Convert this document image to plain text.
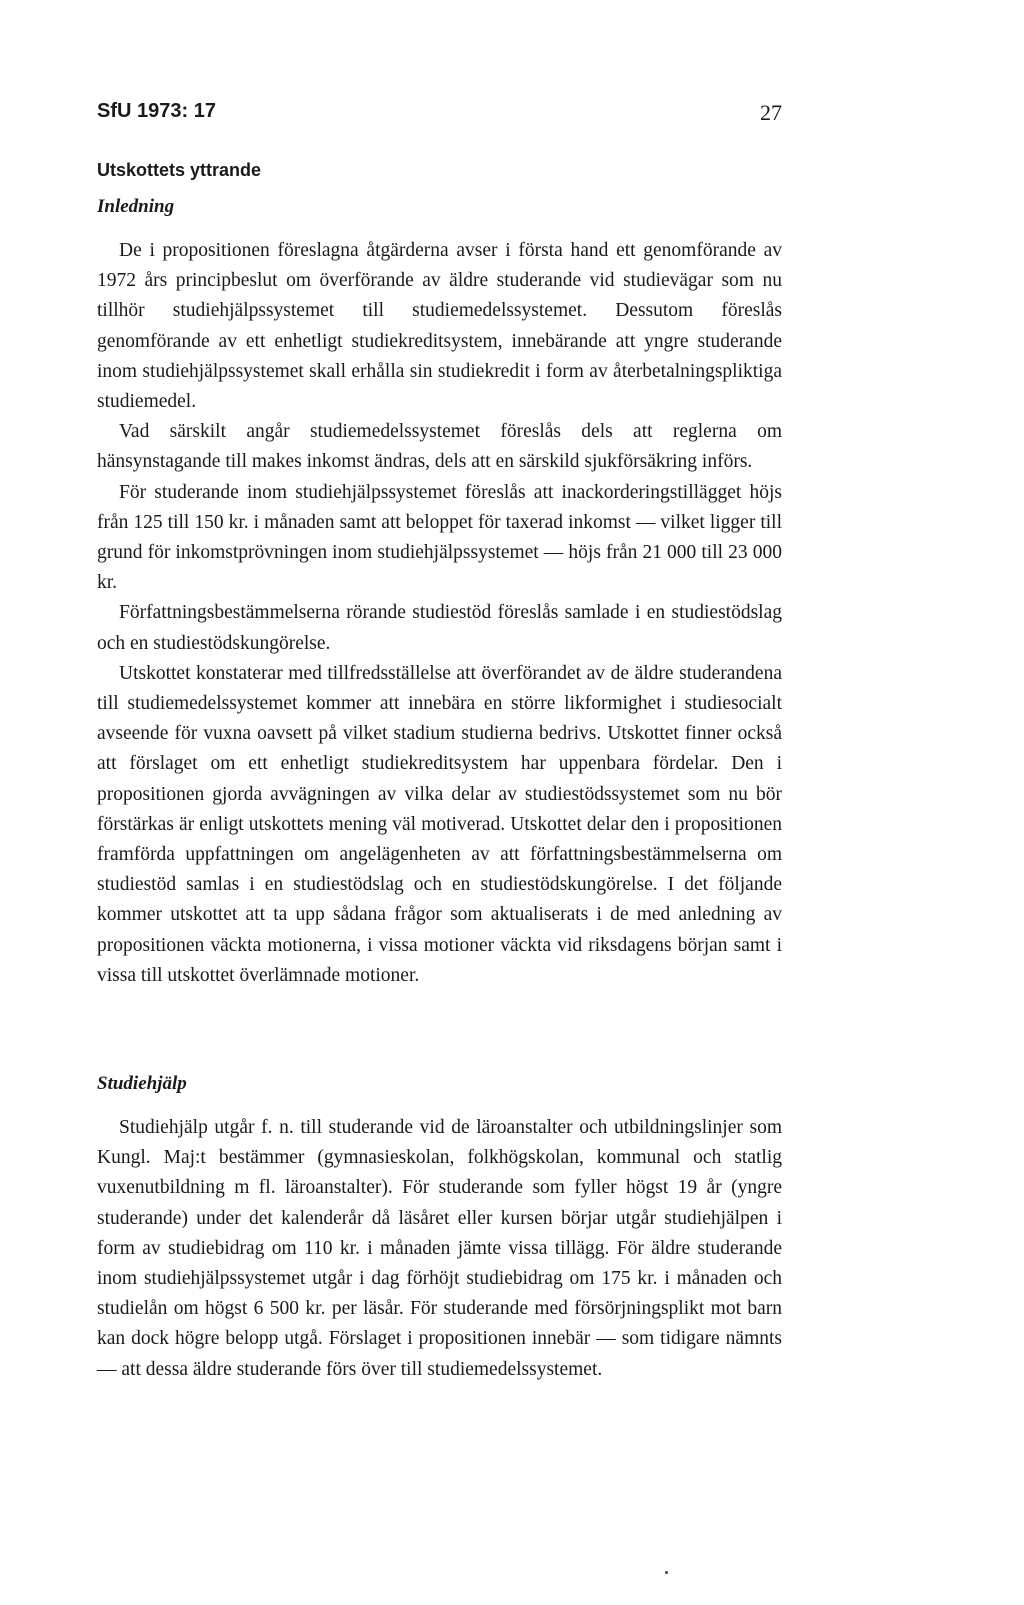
SfU 1973: 17	27
Utskottets yttrande
Inledning

De i propositionen föreslagna åtgärderna avser i första hand ett genomförande av 1972 års principbeslut om överförande av äldre studerande vid studievägar som nu tillhör studiehjälpssystemet till studiemedelssystemet. Dessutom föreslås genomförande av ett enhetligt studiekreditsystem, innebärande att yngre studerande inom studiehjälpssystemet skall erhålla sin studiekredit i form av återbetalningspliktiga studiemedel.

Vad särskilt angår studiemedelssystemet föreslås dels att reglerna om hänsynstagande till makes inkomst ändras, dels att en särskild sjukförsäkring införs.

För studerande inom studiehjälpssystemet föreslås att inackorderingstillägget höjs från 125 till 150 kr. i månaden samt att beloppet för taxerad inkomst — vilket ligger till grund för inkomstprövningen inom studiehjälpssystemet — höjs från 21 000 till 23 000 kr.

Författningsbestämmelserna rörande studiestöd föreslås samlade i en studiestödslag och en studiestödskungörelse.

Utskottet konstaterar med tillfredsställelse att överförandet av de äldre studerandena till studiemedelssystemet kommer att innebära en större likformighet i studiesocialt avseende för vuxna oavsett på vilket stadium studierna bedrivs. Utskottet finner också att förslaget om ett enhetligt studiekreditsystem har uppenbara fördelar. Den i propositionen gjorda avvägningen av vilka delar av studiestödssystemet som nu bör förstärkas är enligt utskottets mening väl motiverad. Utskottet delar den i propositionen framförda uppfattningen om angelägenheten av att författningsbestämmelserna om studiestöd samlas i en studiestödslag och en studiestödskungörelse. I det följande kommer utskottet att ta upp sådana frågor som aktualiserats i de med anledning av propositionen väckta motionerna, i vissa motioner väckta vid riksdagens början samt i vissa till utskottet överlämnade motioner.

Studiehjälp

Studiehjälp utgår f. n. till studerande vid de läroanstalter och utbildningslinjer som Kungl. Maj:t bestämmer (gymnasieskolan, folkhögskolan, kommunal och statlig vuxenutbildning m fl. läroanstalter). För studerande som fyller högst 19 år (yngre studerande) under det kalenderår då läsåret eller kursen börjar utgår studiehjälpen i form av studiebidrag om 110 kr. i månaden jämte vissa tillägg. För äldre studerande inom studiehjälpssystemet utgår i dag förhöjt studiebidrag om 175 kr. i månaden och studielån om högst 6 500 kr. per läsår. För studerande med försörjningsplikt mot barn kan dock högre belopp utgå. Förslaget i propositionen innebär — som tidigare nämnts — att dessa äldre studerande förs över till studiemedelssystemet.
